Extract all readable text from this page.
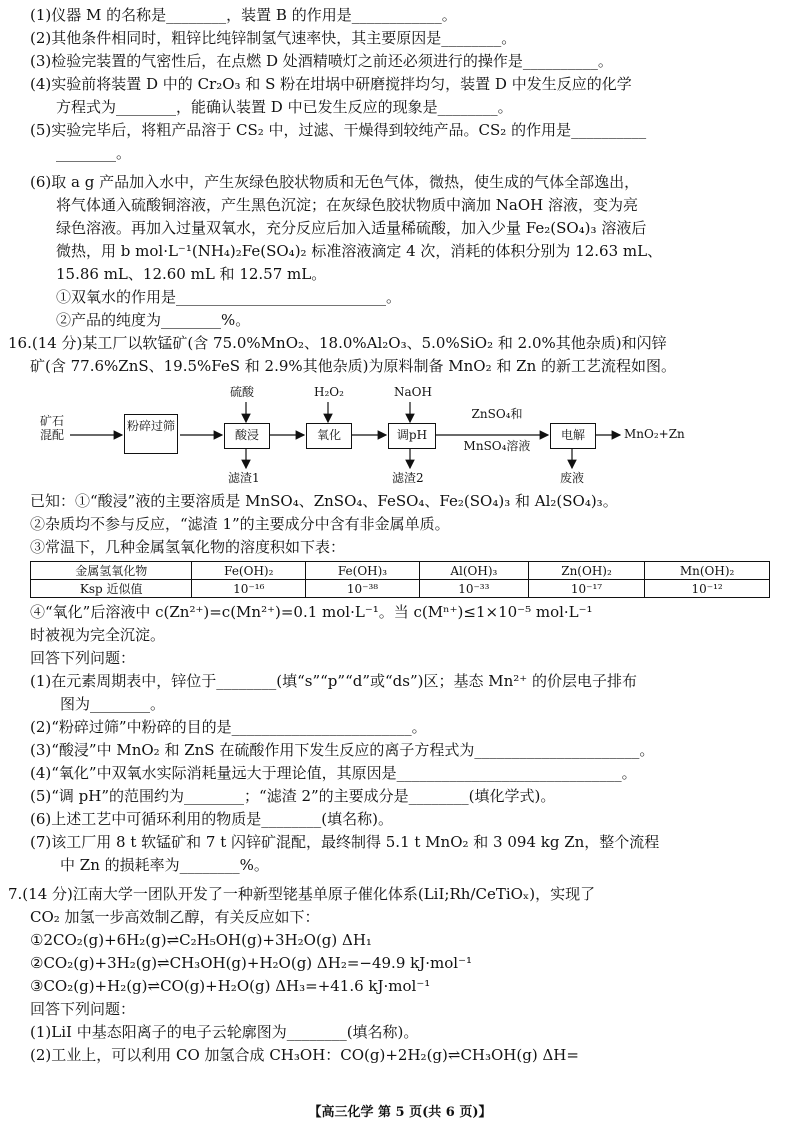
(1)仪器 M 的名称是________，装置 B 的作用是____________。
(2)其他条件相同时，粗锌比纯锌制氢气速率快，其主要原因是________。
(3)检验完装置的气密性后，在点燃 D 处酒精喷灯之前还必须进行的操作是__________。
(4)实验前将装置 D 中的 Cr₂O₃ 和 S 粉在坩埚中研磨搅拌均匀，装置 D 中发生反应的化学
方程式为________，能确认装置 D 中已发生反应的现象是________。
(5)实验完毕后，将粗产品溶于 CS₂ 中，过滤、干燥得到较纯产品。CS₂ 的作用是__________
________。
(6)取 a g 产品加入水中，产生灰绿色胶状物质和无色气体，微热，使生成的气体全部逸出，
将气体通入硫酸铜溶液，产生黑色沉淀；在灰绿色胶状物质中滴加 NaOH 溶液，变为亮
绿色溶液。再加入过量双氧水，充分反应后加入适量稀硫酸，加入少量 Fe₂(SO₄)₃ 溶液后
微热，用 b mol·L⁻¹(NH₄)₂Fe(SO₄)₂ 标准溶液滴定 4 次，消耗的体积分别为 12.63 mL、
15.86 mL、12.60 mL 和 12.57 mL。
①双氧水的作用是____________________________。
②产品的纯度为________%。
16.(14 分)某工厂以软锰矿(含 75.0%MnO₂、18.0%Al₂O₃、5.0%SiO₂ 和 2.0%其他杂质)和闪锌
矿(含 77.6%ZnS、19.5%FeS 和 2.9%其他杂质)为原料制备 MnO₂ 和 Zn 的新工艺流程如图。
矿石混配
粉碎过筛
酸浸	氧化	调pH	电解
硫酸	H₂O₂	NaOH
滤渣1	滤渣2	废液
ZnSO₄和
MnSO₄溶液
MnO₂+Zn
已知：①“酸浸”液的主要溶质是 MnSO₄、ZnSO₄、FeSO₄、Fe₂(SO₄)₃ 和 Al₂(SO₄)₃。
②杂质均不参与反应，“滤渣 1”的主要成分中含有非金属单质。
③常温下，几种金属氢氧化物的溶度积如下表：
金属氢氧化物	Fe(OH)₂	Fe(OH)₃	Al(OH)₃	Zn(OH)₂	Mn(OH)₂
Ksp 近似值	10⁻¹⁶	10⁻³⁸	10⁻³³	10⁻¹⁷	10⁻¹²
④“氧化”后溶液中 c(Zn²⁺)=c(Mn²⁺)=0.1 mol·L⁻¹。当 c(Mⁿ⁺)≤1×10⁻⁵ mol·L⁻¹
时被视为完全沉淀。
回答下列问题：
(1)在元素周期表中，锌位于________(填“s”“p”“d”或“ds”)区；基态 Mn²⁺ 的价层电子排布
图为________。
(2)“粉碎过筛”中粉碎的目的是________________________。
(3)“酸浸”中 MnO₂ 和 ZnS 在硫酸作用下发生反应的离子方程式为______________________。
(4)“氧化”中双氧水实际消耗量远大于理论值，其原因是______________________________。
(5)“调 pH”的范围约为________；“滤渣 2”的主要成分是________(填化学式)。
(6)上述工艺中可循环利用的物质是________(填名称)。
(7)该工厂用 8 t 软锰矿和 7 t 闪锌矿混配，最终制得 5.1 t MnO₂ 和 3 094 kg Zn，整个流程
中 Zn 的损耗率为________%。
7.(14 分)江南大学一团队开发了一种新型铑基单原子催化体系(LiI;Rh/CeTiOₓ)，实现了
CO₂ 加氢一步高效制乙醇，有关反应如下：
①2CO₂(g)+6H₂(g)⇌C₂H₅OH(g)+3H₂O(g) ΔH₁
②CO₂(g)+3H₂(g)⇌CH₃OH(g)+H₂O(g) ΔH₂=−49.9 kJ·mol⁻¹
③CO₂(g)+H₂(g)⇌CO(g)+H₂O(g) ΔH₃=+41.6 kJ·mol⁻¹
回答下列问题：
(1)LiI 中基态阳离子的电子云轮廓图为________(填名称)。
(2)工业上，可以利用 CO 加氢合成 CH₃OH：CO(g)+2H₂(g)⇌CH₃OH(g) ΔH=
【高三化学 第 5 页(共 6 页)】
